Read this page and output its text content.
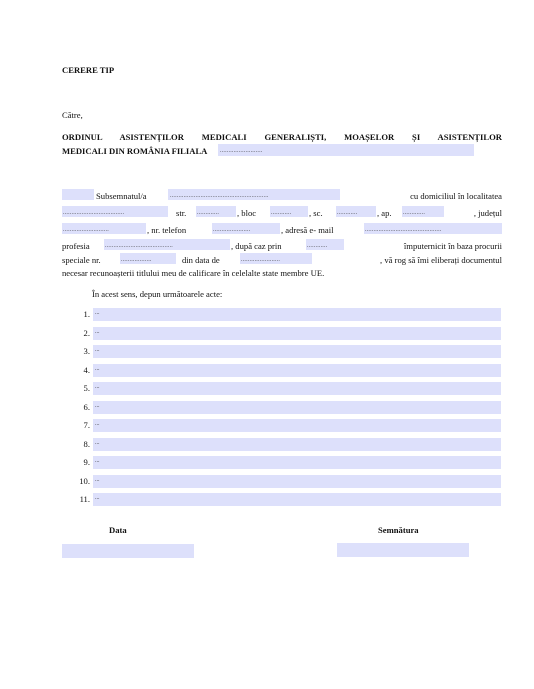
CERERE TIP
Către,
ORDINUL ASISTENȚILOR MEDICALI GENERALIȘTI, MOAȘELOR ȘI ASISTENȚILOR
MEDICALI DIN ROMÂNIA FILIALA .........................
Subsemnatul/a	..........................................................	cu domiciliul în localitatea
....................................	str. ............. , bloc ............ , sc. ............ , ap. .............	, județul
...........................	, nr. telefon	......................	, adresă e- mail	.............................................
profesia	........................................	, după caz prin	............	împuternicit în baza procurii
speciale nr.	..................	din data de	.......................	, vă rog să îmi eliberați documentul
necesar recunoașterii titlului meu de calificare în celelalte state membre UE.
În acest sens, depun următoarele acte:
1. ...
2. ...
3. ...
4. ...
5. ...
6. ...
7. ...
8. ...
9. ...
10. ...
11. ...
Data	Semnătura
